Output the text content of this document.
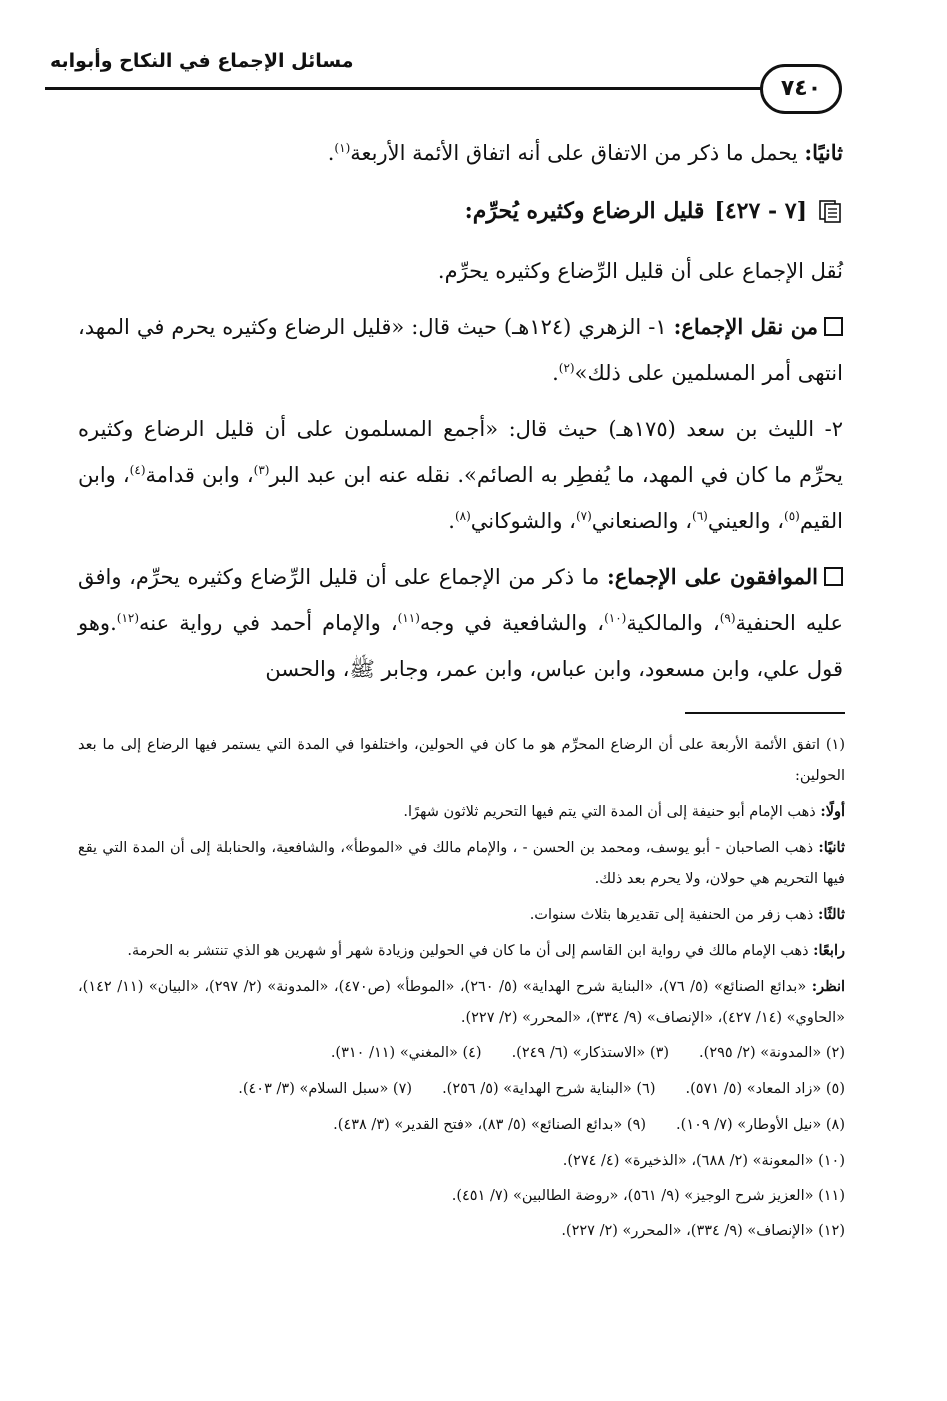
مسائل الإجماع في النكاح وأبوابه
٧٤٠

ثانيًا: يحمل ما ذكر من الاتفاق على أنه اتفاق الأئمة الأربعة$^{(١)}$.

[٧ - ٤٢٧]
قليل الرضاع وكثيره يُحرِّم:

نُقل الإجماع على أن قليل الرِّضاع وكثيره يحرِّم.

من نقل الإجماع: ١- الزهري (١٢٤هـ) حيث قال: «قليل الرضاع وكثيره يحرم في المهد، انتهى أمر المسلمين على ذلك»$^{(٢)}$.

٢- الليث بن سعد (١٧٥هـ) حيث قال: «أجمع المسلمون على أن قليل الرضاع وكثيره يحرِّم ما كان في المهد، ما يُفطِر به الصائم». نقله عنه ابن عبد البر$^{(٣)}$، وابن قدامة$^{(٤)}$، وابن القيم$^{(٥)}$، والعيني$^{(٦)}$، والصنعاني$^{(٧)}$، والشوكاني$^{(٨)}$.

الموافقون على الإجماع: ما ذكر من الإجماع على أن قليل الرِّضاع وكثيره يحرِّم، وافق عليه الحنفية$^{(٩)}$، والمالكية$^{(١٠)}$، والشافعية في وجه$^{(١١)}$، والإمام أحمد في رواية عنه$^{(١٢)}$.وهو قول علي، وابن مسعود، وابن عباس، وابن عمر، وجابر ﷺ، والحسن

(١) اتفق الأئمة الأربعة على أن الرضاع المحرِّم هو ما كان في الحولين، واختلفوا في المدة التي يستمر فيها الرضاع إلى ما بعد الحولين:

أولًا: ذهب الإمام أبو حنيفة إلى أن المدة التي يتم فيها التحريم ثلاثون شهرًا.

ثانيًا: ذهب الصاحبان - أبو يوسف، ومحمد بن الحسن - ، والإمام مالك في «الموطأ»، والشافعية، والحنابلة إلى أن المدة التي يقع فيها التحريم هي حولان، ولا يحرم بعد ذلك.

ثالثًا: ذهب زفر من الحنفية إلى تقديرها بثلاث سنوات.

رابعًا: ذهب الإمام مالك في رواية ابن القاسم إلى أن ما كان في الحولين وزيادة شهر أو شهرين هو الذي تنتشر به الحرمة.

انظر: «بدائع الصنائع» (٥/ ٧٦)، «البناية شرح الهداية» (٥/ ٢٦٠)، «الموطأ» (ص٤٧٠)، «المدونة» (٢/ ٢٩٧)، «البيان» (١١/ ١٤٢)، «الحاوي» (١٤/ ٤٢٧)، «الإنصاف» (٩/ ٣٣٤)، «المحرر» (٢/ ٢٢٧).

(٢) «المدونة» (٢/ ٢٩٥).
(٣) «الاستذكار» (٦/ ٢٤٩).
(٤) «المغني» (١١/ ٣١٠).
(٥) «زاد المعاد» (٥/ ٥٧١).
(٦) «البناية شرح الهداية» (٥/ ٢٥٦).
(٧) «سبل السلام» (٣/ ٤٠٣).
(٨) «نيل الأوطار» (٧/ ١٠٩).
(٩) «بدائع الصنائع» (٥/ ٨٣)، «فتح القدير» (٣/ ٤٣٨).

(١٠) «المعونة» (٢/ ٦٨٨)، «الذخيرة» (٤/ ٢٧٤).

(١١) «العزيز شرح الوجيز» (٩/ ٥٦١)، «روضة الطالبين» (٧/ ٤٥١).

(١٢) «الإنصاف» (٩/ ٣٣٤)، «المحرر» (٢/ ٢٢٧).
